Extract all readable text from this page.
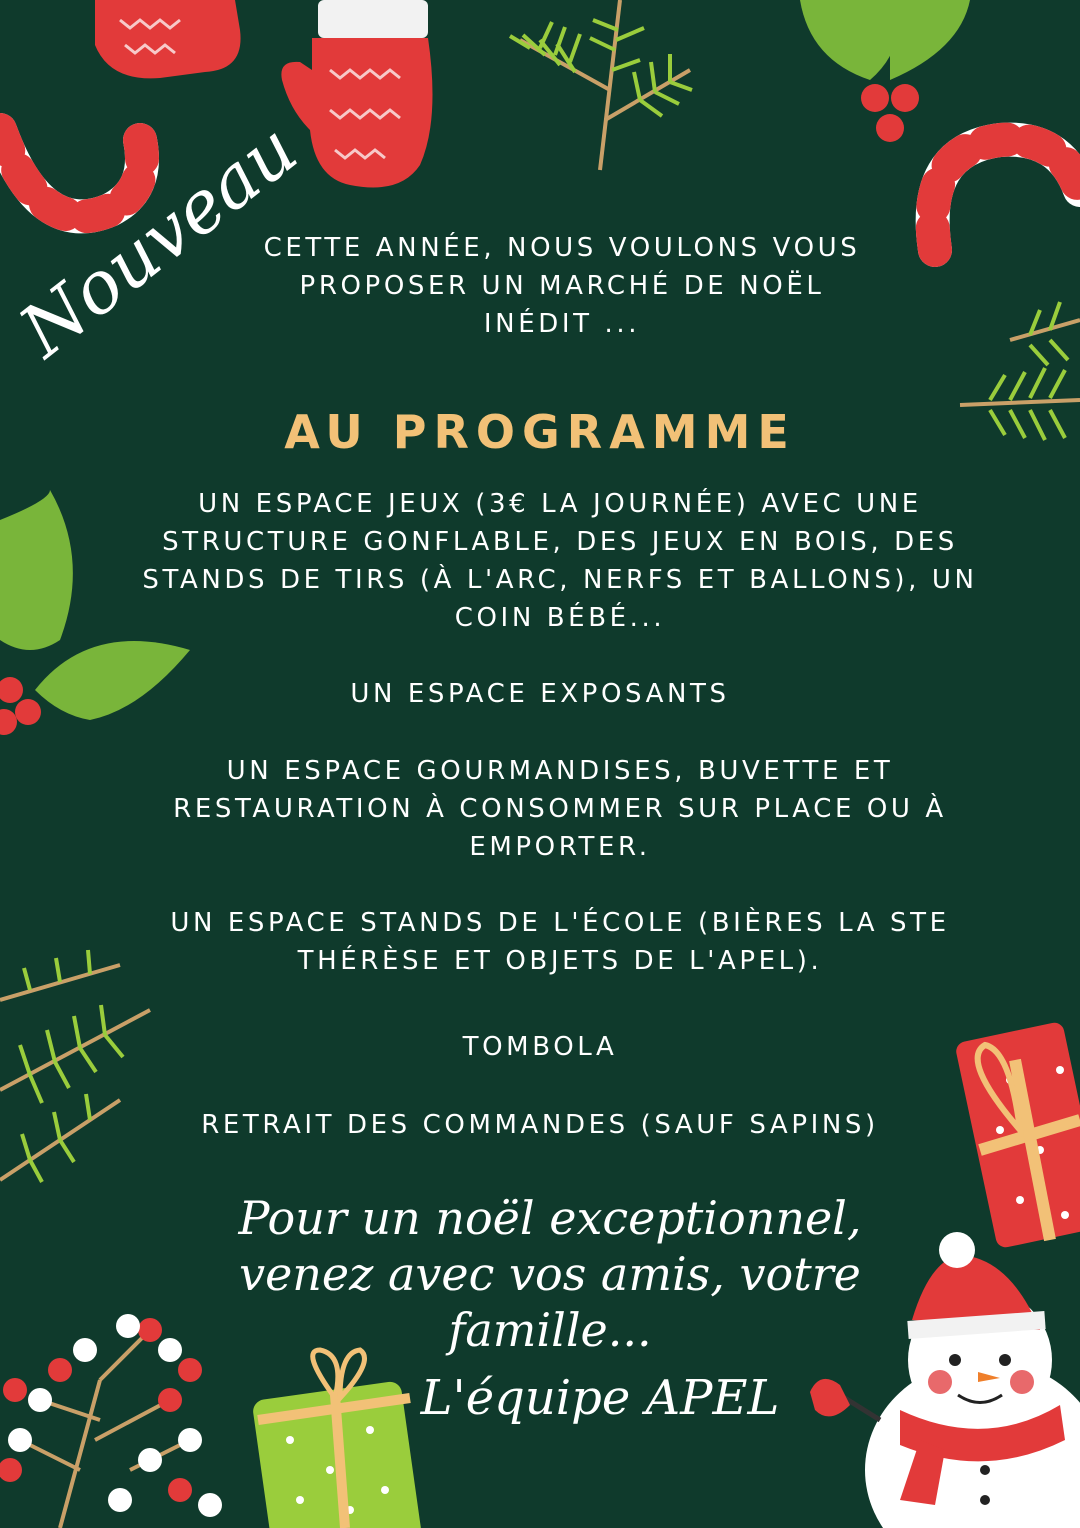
Nouveau

CETTE ANNÉE, NOUS VOULONS VOUS PROPOSER UN MARCHÉ DE NOËL INÉDIT ...

AU PROGRAMME

UN ESPACE JEUX (3€ LA JOURNÉE) AVEC UNE STRUCTURE GONFLABLE, DES JEUX EN BOIS, DES STANDS DE TIRS (À L'ARC, NERFS ET BALLONS), UN COIN BÉBÉ...

UN ESPACE EXPOSANTS

UN ESPACE GOURMANDISES, BUVETTE ET RESTAURATION À CONSOMMER SUR PLACE OU À EMPORTER.

UN ESPACE STANDS DE L'ÉCOLE (BIÈRES LA STE THÉRÈSE ET OBJETS DE L'APEL).

TOMBOLA

RETRAIT DES COMMANDES (SAUF SAPINS)

Pour un noël exceptionnel, venez avec vos amis, votre famille...

L'équipe APEL
